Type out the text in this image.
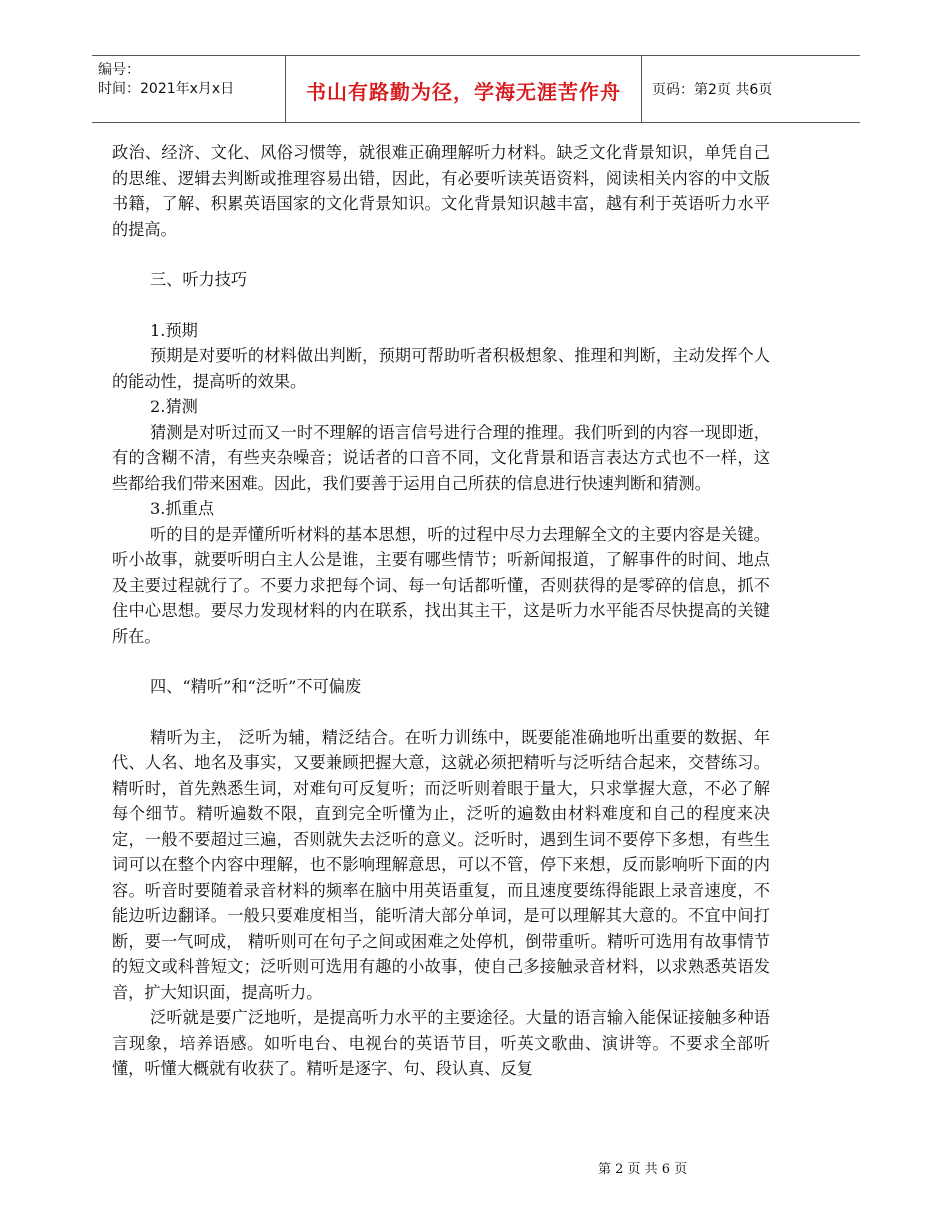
编号：
时间：2021年x月x日	书山有路勤为径，学海无涯苦作舟	页码：第2页 共6页

政治、经济、文化、风俗习惯等，就很难正确理解听力材料。缺乏文化背景知识，单凭自己的思维、逻辑去判断或推理容易出错，因此，有必要听读英语资料，阅读相关内容的中文版书籍，了解、积累英语国家的文化背景知识。文化背景知识越丰富，越有利于英语听力水平的提高。

三、听力技巧

1.预期

预期是对要听的材料做出判断，预期可帮助听者积极想象、推理和判断，主动发挥个人的能动性，提高听的效果。

2.猜测

猜测是对听过而又一时不理解的语言信号进行合理的推理。我们听到的内容一现即逝，有的含糊不清，有些夹杂噪音；说话者的口音不同，文化背景和语言表达方式也不一样，这些都给我们带来困难。因此，我们要善于运用自己所获的信息进行快速判断和猜测。

3.抓重点

听的目的是弄懂所听材料的基本思想，听的过程中尽力去理解全文的主要内容是关键。听小故事，就要听明白主人公是谁，主要有哪些情节；听新闻报道，了解事件的时间、地点及主要过程就行了。不要力求把每个词、每一句话都听懂，否则获得的是零碎的信息，抓不住中心思想。要尽力发现材料的内在联系，找出其主干，这是听力水平能否尽快提高的关键所在。

四、“精听”和“泛听”不可偏废

精听为主， 泛听为辅，精泛结合。在听力训练中，既要能准确地听出重要的数据、年代、人名、地名及事实，又要兼顾把握大意，这就必须把精听与泛听结合起来，交替练习。精听时，首先熟悉生词，对难句可反复听；而泛听则着眼于量大，只求掌握大意，不必了解每个细节。精听遍数不限，直到完全听懂为止，泛听的遍数由材料难度和自己的程度来决定，一般不要超过三遍，否则就失去泛听的意义。泛听时，遇到生词不要停下多想，有些生词可以在整个内容中理解，也不影响理解意思，可以不管，停下来想，反而影响听下面的内容。听音时要随着录音材料的频率在脑中用英语重复，而且速度要练得能跟上录音速度，不能边听边翻译。一般只要难度相当，能听清大部分单词，是可以理解其大意的。不宜中间打断，要一气呵成， 精听则可在句子之间或困难之处停机，倒带重听。精听可选用有故事情节的短文或科普短文；泛听则可选用有趣的小故事，使自己多接触录音材料，以求熟悉英语发音，扩大知识面，提高听力。

泛听就是要广泛地听，是提高听力水平的主要途径。大量的语言输入能保证接触多种语言现象，培养语感。如听电台、电视台的英语节目，听英文歌曲、演讲等。不要求全部听懂，听懂大概就有收获了。精听是逐字、句、段认真、反复

第 2 页 共 6 页
